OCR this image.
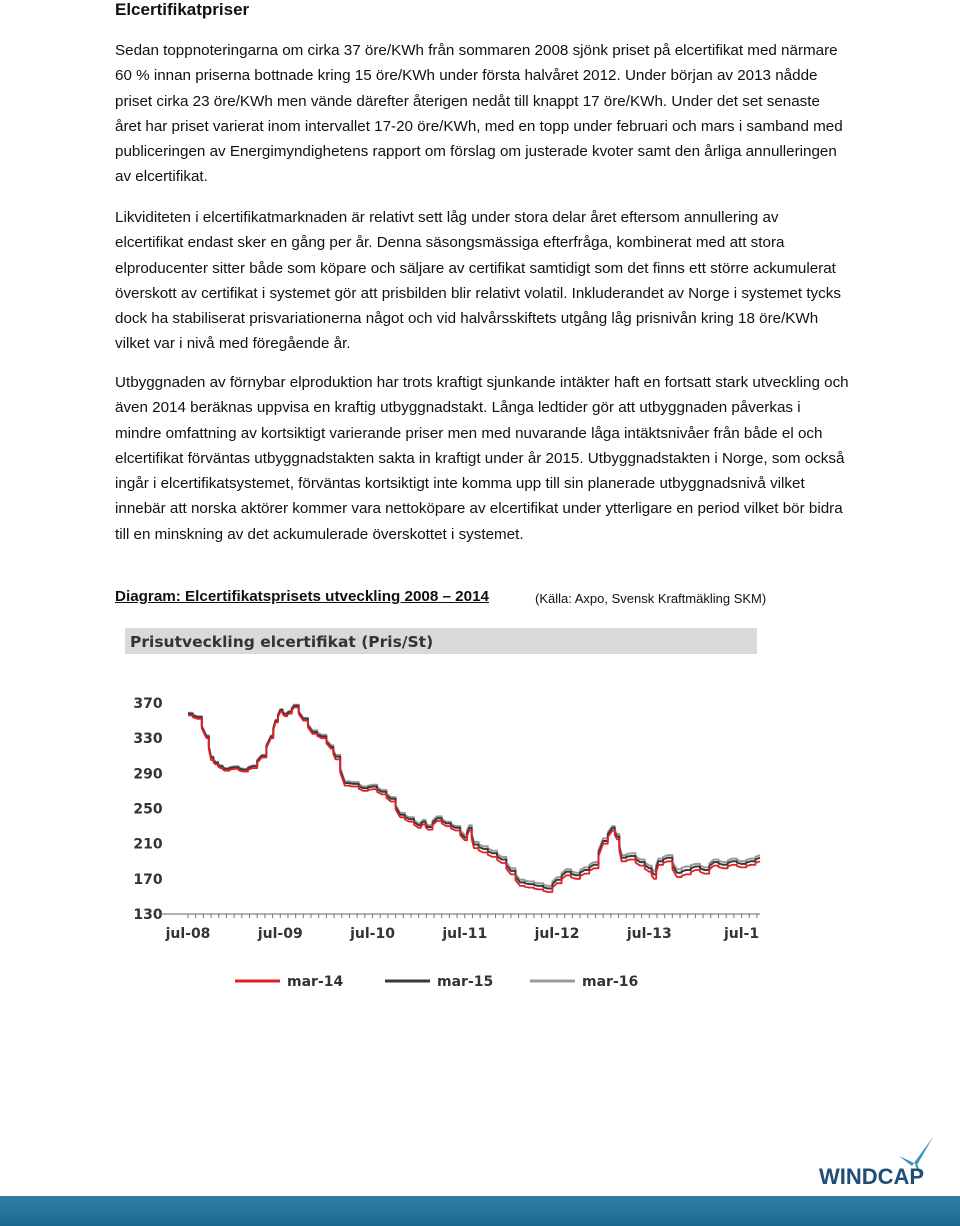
Elcertifikatpriser

Sedan toppnoteringarna om cirka 37 öre/KWh från sommaren 2008 sjönk priset på elcertifikat med närmare 60 % innan priserna bottnade kring 15 öre/KWh under första halvåret 2012. Under början av 2013 nådde priset cirka 23 öre/KWh men vände därefter återigen nedåt till knappt 17 öre/KWh. Under det set senaste året har priset varierat inom intervallet 17-20 öre/KWh, med en topp under februari och mars i samband med publiceringen av Energimyndighetens rapport om förslag om justerade kvoter samt den årliga annulleringen av elcertifikat.

Likviditeten i elcertifikatmarknaden är relativt sett låg under stora delar året eftersom annullering av elcertifikat endast sker en gång per år. Denna säsongsmässiga efterfråga, kombinerat med att stora elproducenter sitter både som köpare och säljare av certifikat samtidigt som det finns ett större ackumulerat överskott av certifikat i systemet gör att prisbilden blir relativt volatil. Inkluderandet av Norge i systemet tycks dock ha stabiliserat prisvariationerna något och vid halvårsskiftets utgång låg prisnivån kring 18 öre/KWh vilket var i nivå med föregående år.

Utbyggnaden av förnybar elproduktion har trots kraftigt sjunkande intäkter haft en fortsatt stark utveckling och även 2014 beräknas uppvisa en kraftig utbyggnadstakt. Långa ledtider gör att utbyggnaden påverkas i mindre omfattning av kortsiktigt varierande priser men med nuvarande låga intäktsnivåer från både el och elcertifikat förväntas utbyggnadstakten sakta in kraftigt under år 2015. Utbyggnadstakten i Norge, som också ingår i elcertifikatsystemet, förväntas kortsiktigt inte komma upp till sin planerade utbyggnadsnivå vilket innebär att norska aktörer kommer vara nettoköpare av elcertifikat under ytterligare en period vilket bör bidra till en minskning av det ackumulerade överskottet i systemet.

Diagram: Elcertifikatsprisets utveckling 2008 – 2014	(Källa: Axpo, Svensk Kraftmäkling SKM)
Prisutveckling elcertifikat (Pris/St)
370
330
290
250
210
170
130
jul-08	jul-09	jul-10	jul-11	jul-12	jul-13	jul-1
mar-14	mar-15	mar-16
WINDCAP
